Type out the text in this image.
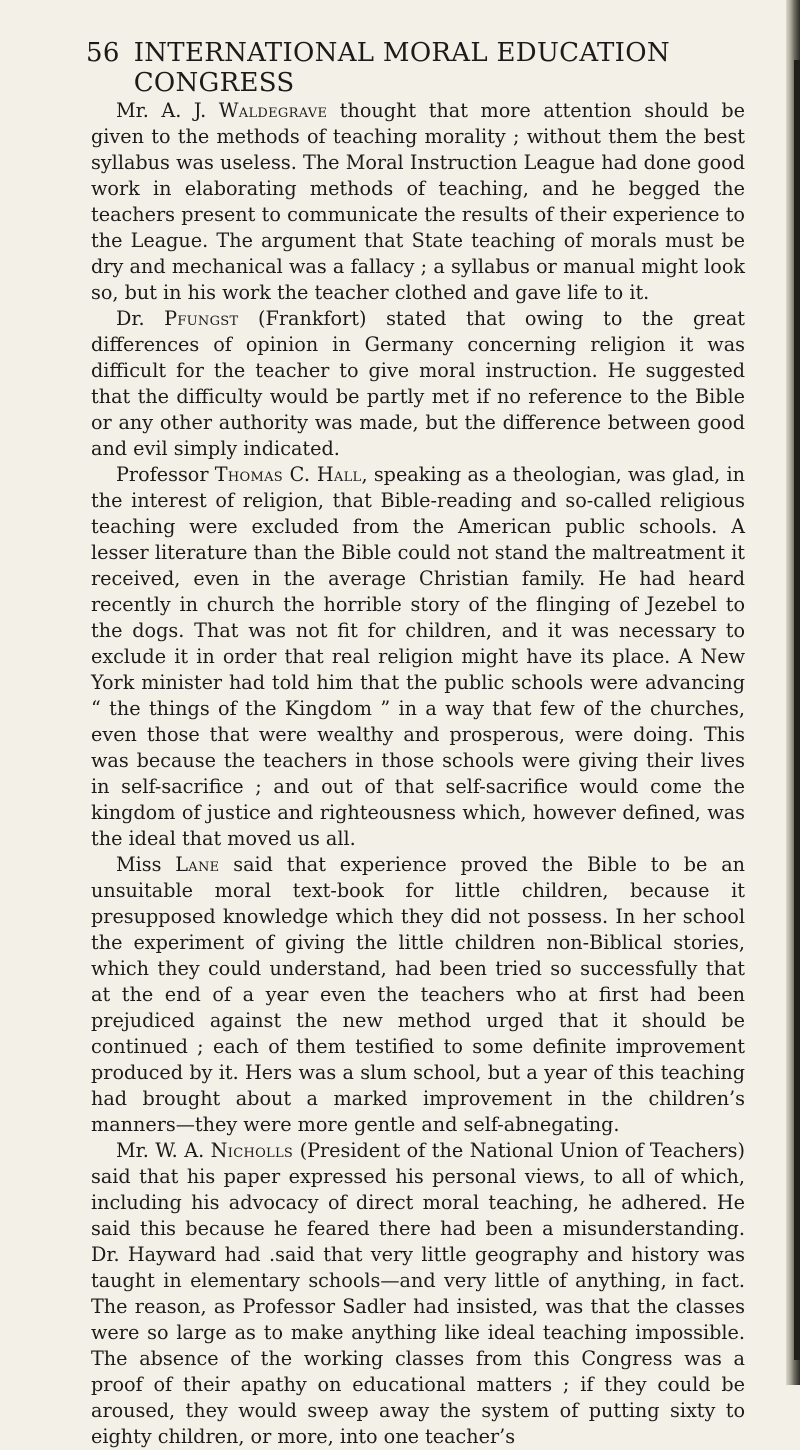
56 INTERNATIONAL MORAL EDUCATION CONGRESS

Mr. A. J. Waldegrave thought that more attention should be given to the methods of teaching morality ; without them the best syllabus was useless. The Moral Instruction League had done good work in elaborating methods of teaching, and he begged the teachers present to communicate the results of their experience to the League. The argument that State teaching of morals must be dry and mechanical was a fallacy ; a syllabus or manual might look so, but in his work the teacher clothed and gave life to it.

Dr. Pfungst (Frankfort) stated that owing to the great differences of opinion in Germany concerning religion it was difficult for the teacher to give moral instruction. He suggested that the difficulty would be partly met if no reference to the Bible or any other authority was made, but the difference between good and evil simply indicated.

Professor Thomas C. Hall, speaking as a theologian, was glad, in the interest of religion, that Bible-reading and so-called religious teaching were excluded from the American public schools. A lesser literature than the Bible could not stand the maltreatment it received, even in the average Christian family. He had heard recently in church the horrible story of the flinging of Jezebel to the dogs. That was not fit for children, and it was necessary to exclude it in order that real religion might have its place. A New York minister had told him that the public schools were advancing “ the things of the Kingdom ” in a way that few of the churches, even those that were wealthy and prosperous, were doing. This was because the teachers in those schools were giving their lives in self-sacrifice ; and out of that self-sacrifice would come the kingdom of justice and righteousness which, however defined, was the ideal that moved us all.

Miss Lane said that experience proved the Bible to be an unsuitable moral text-book for little children, because it presupposed knowledge which they did not possess. In her school the experiment of giving the little children non-Biblical stories, which they could understand, had been tried so successfully that at the end of a year even the teachers who at first had been prejudiced against the new method urged that it should be continued ; each of them testified to some definite improvement produced by it. Hers was a slum school, but a year of this teaching had brought about a marked improvement in the children’s manners—they were more gentle and self-abnegating.

Mr. W. A. Nicholls (President of the National Union of Teachers) said that his paper expressed his personal views, to all of which, including his advocacy of direct moral teaching, he adhered. He said this because he feared there had been a misunderstanding. Dr. Hayward had .said that very little geography and history was taught in elementary schools—and very little of anything, in fact. The reason, as Professor Sadler had insisted, was that the classes were so large as to make anything like ideal teaching impossible. The absence of the working classes from this Congress was a proof of their apathy on educational matters ; if they could be aroused, they would sweep away the system of putting sixty to eighty children, or more, into one teacher’s
